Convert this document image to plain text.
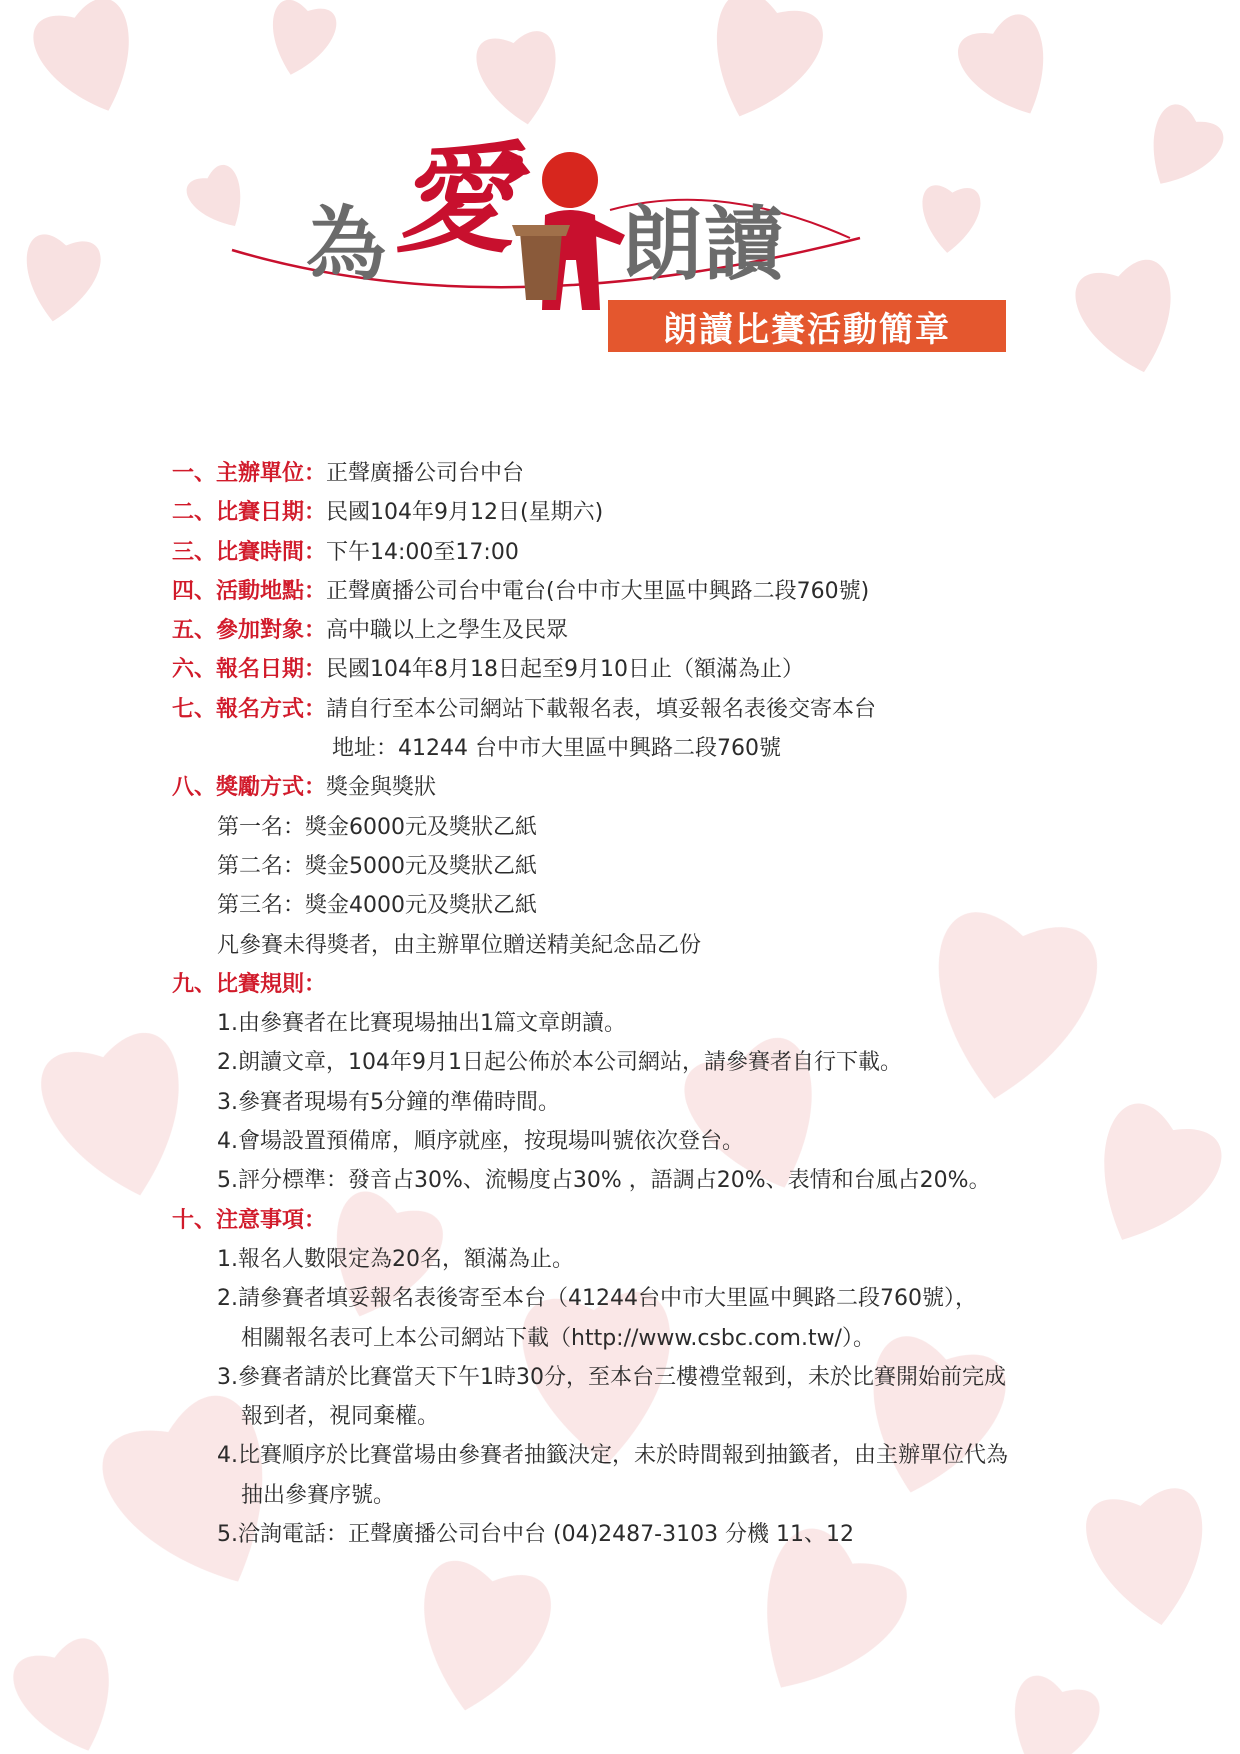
為 愛 朗讀
朗讀比賽活動簡章
一、主辦單位：正聲廣播公司台中台
二、比賽日期：民國104年9月12日(星期六)
三、比賽時間：下午14:00至17:00
四、活動地點：正聲廣播公司台中電台(台中市大里區中興路二段760號)
五、參加對象：高中職以上之學生及民眾
六、報名日期：民國104年8月18日起至9月10日止（額滿為止）
七、報名方式：請自行至本公司網站下載報名表，填妥報名表後交寄本台
地址：41244 台中市大里區中興路二段760號
八、獎勵方式：獎金與獎狀
第一名：獎金6000元及獎狀乙紙
第二名：獎金5000元及獎狀乙紙
第三名：獎金4000元及獎狀乙紙
凡參賽未得獎者，由主辦單位贈送精美紀念品乙份
九、比賽規則：
1.由參賽者在比賽現場抽出1篇文章朗讀。
2.朗讀文章，104年9月1日起公佈於本公司網站，請參賽者自行下載。
3.參賽者現場有5分鐘的準備時間。
4.會場設置預備席，順序就座，按現場叫號依次登台。
5.評分標準：發音占30%、流暢度占30% ，語調占20%、表情和台風占20%。
十、注意事項：
1.報名人數限定為20名，額滿為止。
2.請參賽者填妥報名表後寄至本台（41244台中市大里區中興路二段760號），
相關報名表可上本公司網站下載（http://www.csbc.com.tw/）。
3.參賽者請於比賽當天下午1時30分，至本台三樓禮堂報到，未於比賽開始前完成
報到者，視同棄權。
4.比賽順序於比賽當場由參賽者抽籤決定，未於時間報到抽籤者，由主辦單位代為
抽出參賽序號。
5.洽詢電話：正聲廣播公司台中台 (04)2487-3103 分機 11、12
